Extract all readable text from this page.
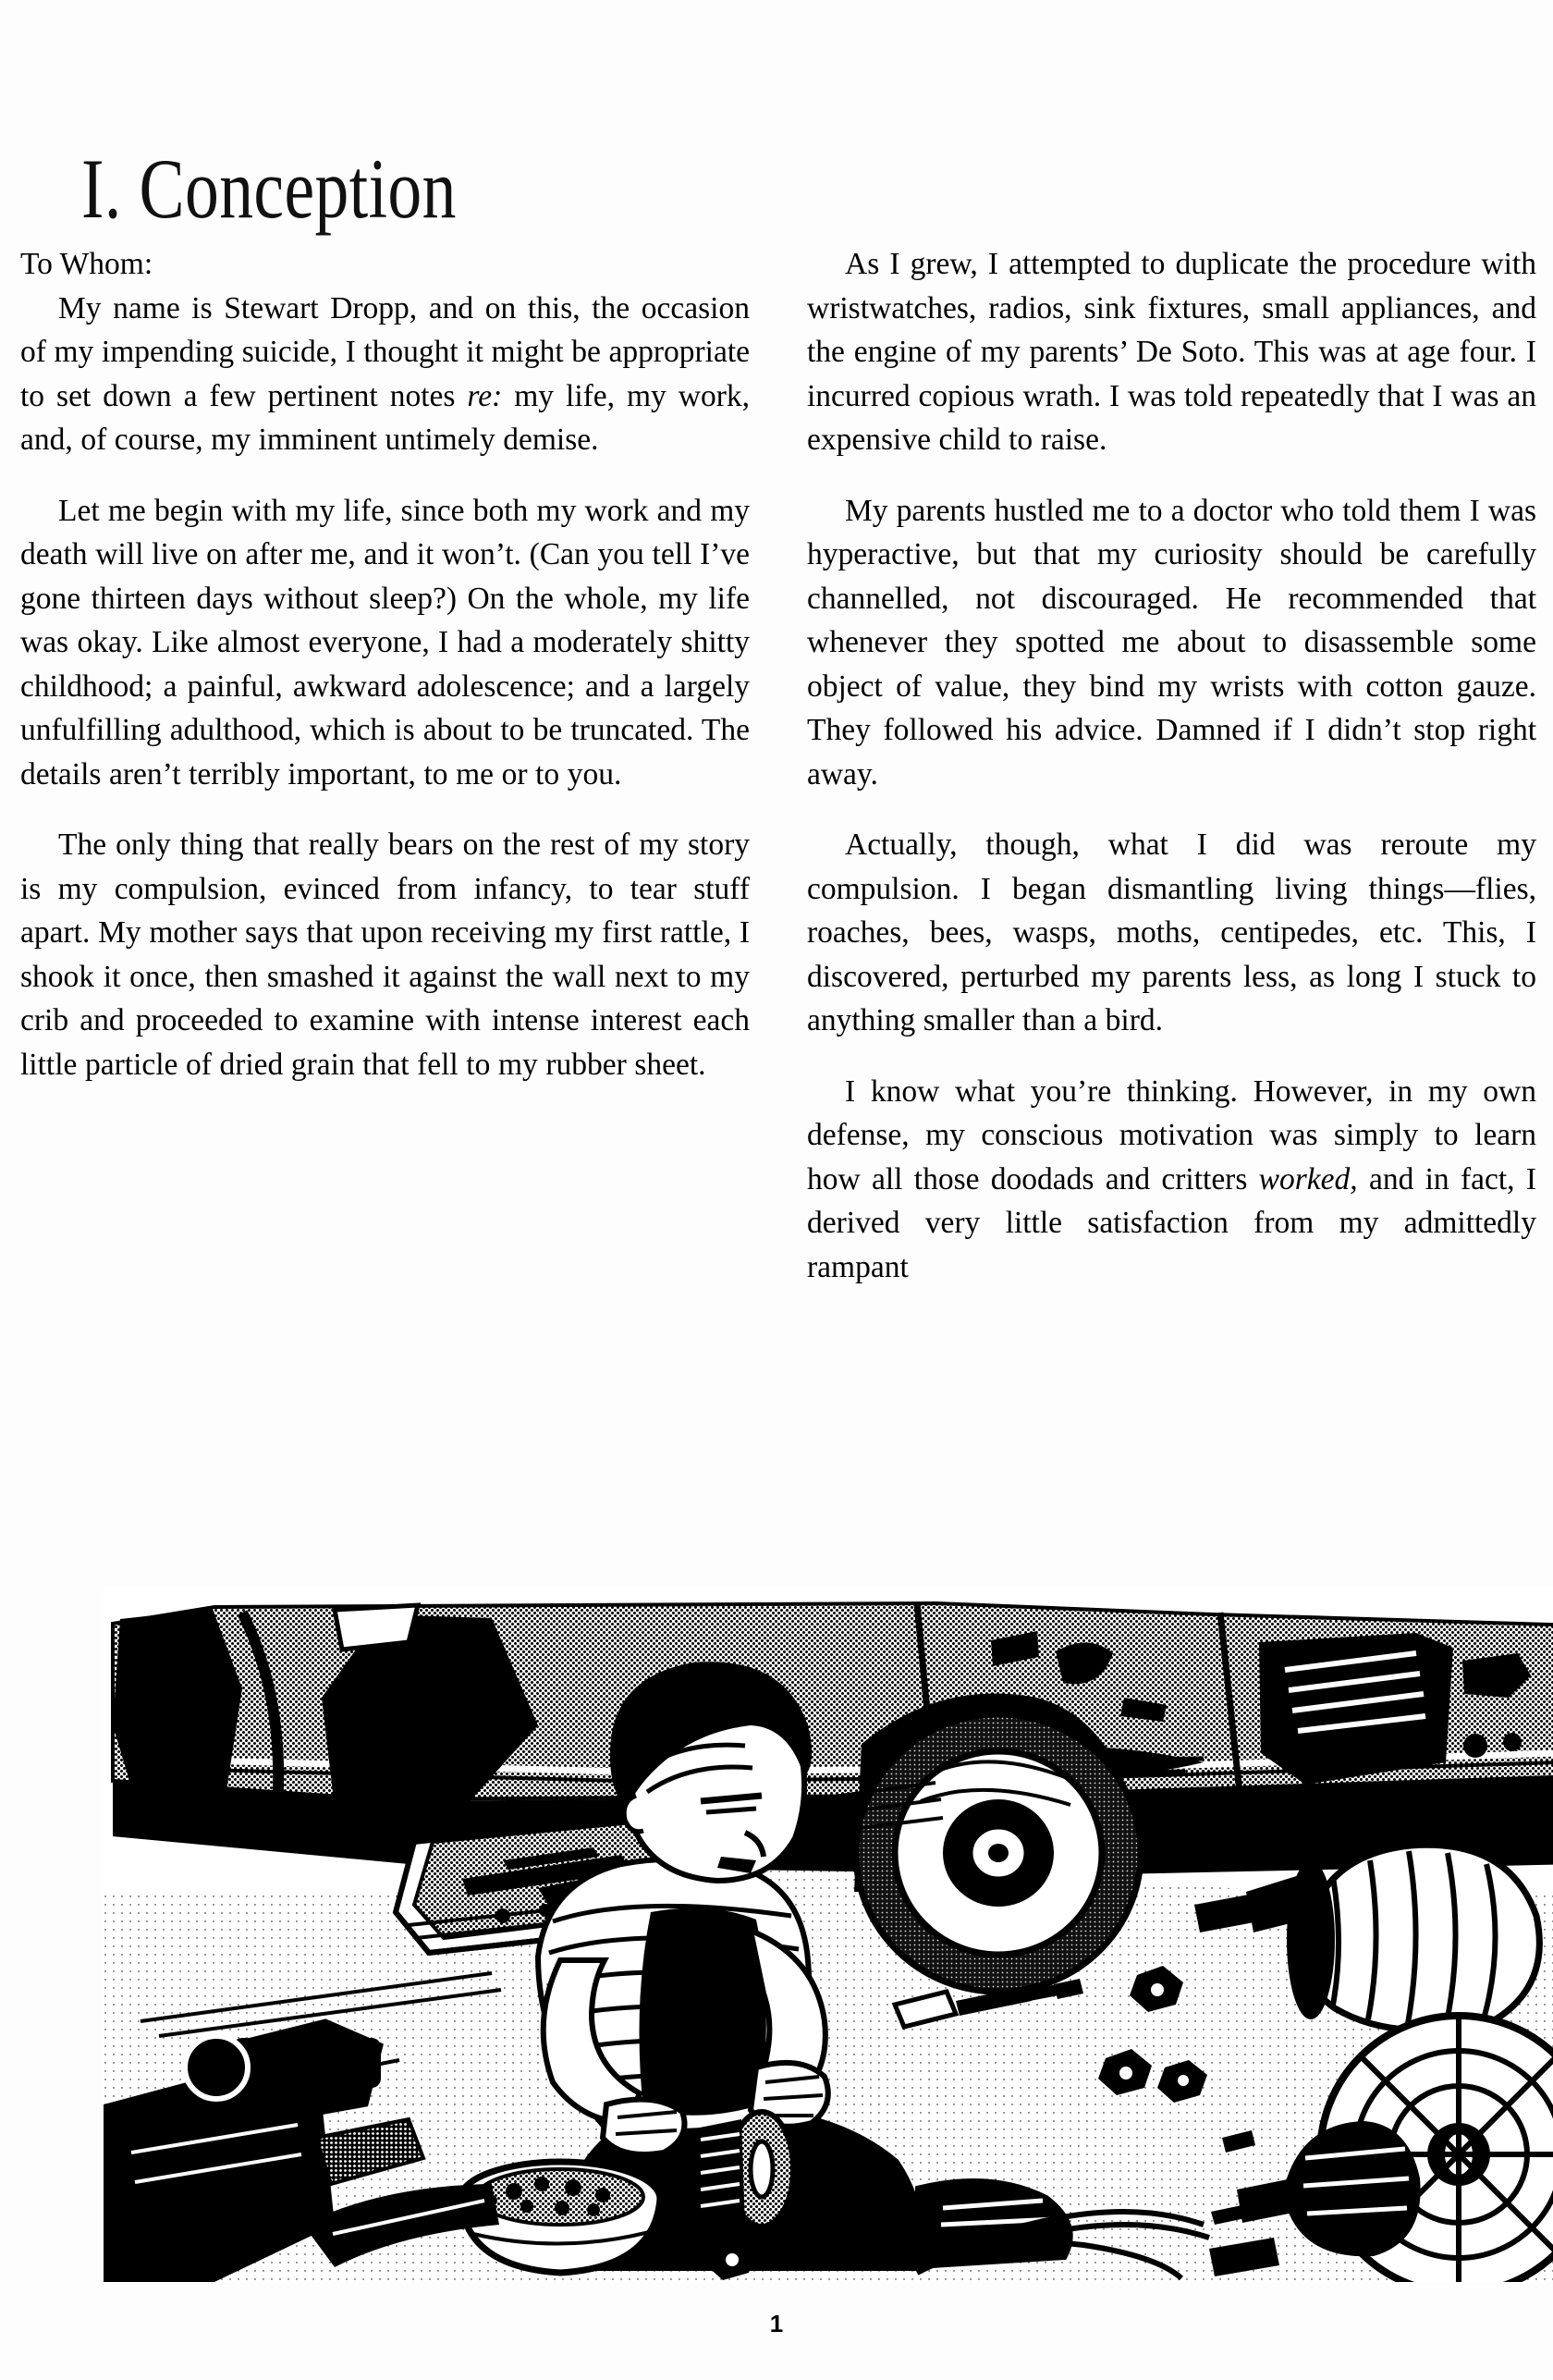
I. Conception

To Whom:

My name is Stewart Dropp, and on this, the occasion of my impending suicide, I thought it might be appropriate to set down a few pertinent notes re: my life, my work, and, of course, my imminent untimely demise.

Let me begin with my life, since both my work and my death will live on after me, and it won’t. (Can you tell I’ve gone thirteen days without sleep?) On the whole, my life was okay. Like almost everyone, I had a moderately shitty childhood; a painful, awkward adolescence; and a largely unfulfilling adulthood, which is about to be truncated. The details aren’t terribly important, to me or to you.

The only thing that really bears on the rest of my story is my compulsion, evinced from infancy, to tear stuff apart. My mother says that upon receiving my first rattle, I shook it once, then smashed it against the wall next to my crib and proceeded to examine with intense interest each little particle of dried grain that fell to my rubber sheet.

As I grew, I attempted to duplicate the procedure with wristwatches, radios, sink fixtures, small appliances, and the engine of my parents’ De Soto. This was at age four. I incurred copious wrath. I was told repeatedly that I was an expensive child to raise.

My parents hustled me to a doctor who told them I was hyperactive, but that my curiosity should be carefully channelled, not discouraged. He recommended that whenever they spotted me about to disassemble some object of value, they bind my wrists with cotton gauze. They followed his advice. Damned if I didn’t stop right away.

Actually, though, what I did was reroute my compulsion. I began dismantling living things—flies, roaches, bees, wasps, moths, centipedes, etc. This, I discovered, perturbed my parents less, as long I stuck to anything smaller than a bird.

I know what you’re thinking. However, in my own defense, my conscious motivation was simply to learn how all those doodads and critters worked, and in fact, I derived very little satisfaction from my admittedly rampant

1
